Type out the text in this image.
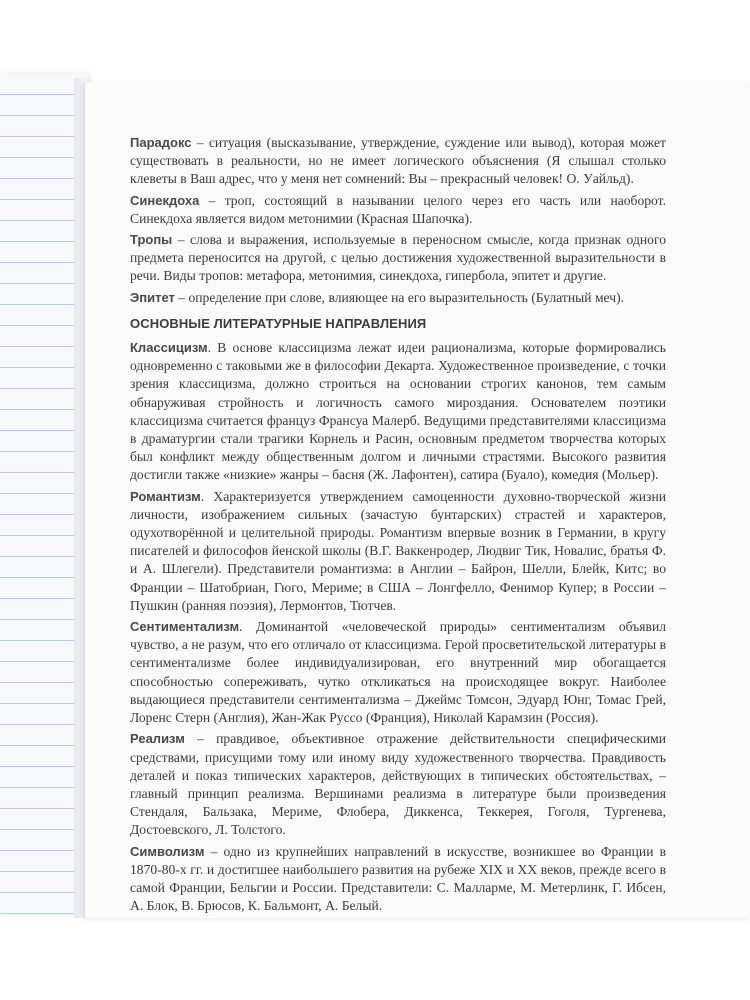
Парадокс – ситуация (высказывание, утверждение, суждение или вывод), которая может существовать в реальности, но не имеет логического объяснения (Я слышал столько клеветы в Ваш адрес, что у меня нет сомнений: Вы – прекрасный человек! О. Уайльд).

Синекдоха – троп, состоящий в назывании целого через его часть или наоборот. Синекдоха является видом метонимии (Красная Шапочка).

Тропы – слова и выражения, используемые в переносном смысле, когда признак одного предмета переносится на другой, с целью достижения художественной выразительности в речи. Виды тропов: метафора, метонимия, синекдоха, гипербола, эпитет и другие.

Эпитет – определение при слове, влияющее на его выразительность (Булатный меч).

ОСНОВНЫЕ ЛИТЕРАТУРНЫЕ НАПРАВЛЕНИЯ

Классицизм. В основе классицизма лежат идеи рационализма, которые формировались одновременно с таковыми же в философии Декарта. Художественное произведение, с точки зрения классицизма, должно строиться на основании строгих канонов, тем самым обнаруживая стройность и логичность самого мироздания. Основателем поэтики классицизма считается француз Франсуа Малерб. Ведущими представителями классицизма в драматургии стали трагики Корнель и Расин, основным предметом творчества которых был конфликт между общественным долгом и личными страстями. Высокого развития достигли также «низкие» жанры – басня (Ж. Лафонтен), сатира (Буало), комедия (Мольер).

Романтизм. Характеризуется утверждением самоценности духовно-творческой жизни личности, изображением сильных (зачастую бунтарских) страстей и характеров, одухотворённой и целительной природы. Романтизм впервые возник в Германии, в кругу писателей и философов йенской школы (В.Г. Ваккенродер, Людвиг Тик, Новалис, братья Ф. и А. Шлегели). Представители романтизма: в Англии – Байрон, Шелли, Блейк, Китс; во Франции – Шатобриан, Гюго, Мериме; в США – Лонгфелло, Фенимор Купер; в России – Пушкин (ранняя поэзия), Лермонтов, Тютчев.

Сентиментализм. Доминантой «человеческой природы» сентиментализм объявил чувство, а не разум, что его отличало от классицизма. Герой просветительской литературы в сентиментализме более индивидуализирован, его внутренний мир обогащается способностью сопереживать, чутко откликаться на происходящее вокруг. Наиболее выдающиеся представители сентиментализма – Джеймс Томсон, Эдуард Юнг, Томас Грей, Лоренс Стерн (Англия), Жан-Жак Руссо (Франция), Николай Карамзин (Россия).

Реализм – правдивое, объективное отражение действительности специфическими средствами, присущими тому или иному виду художественного творчества. Правдивость деталей и показ типических характеров, действующих в типических обстоятельствах, – главный принцип реализма. Вершинами реализма в литературе были произведения Стендаля, Бальзака, Мериме, Флобера, Диккенса, Теккерея, Гоголя, Тургенева, Достоевского, Л. Толстого.

Символизм – одно из крупнейших направлений в искусстве, возникшее во Франции в 1870-80-х гг. и достигшее наибольшего развития на рубеже XIX и XX веков, прежде всего в самой Франции, Бельгии и России. Представители: С. Малларме, М. Метерлинк, Г. Ибсен, А. Блок, В. Брюсов, К. Бальмонт, А. Белый.
